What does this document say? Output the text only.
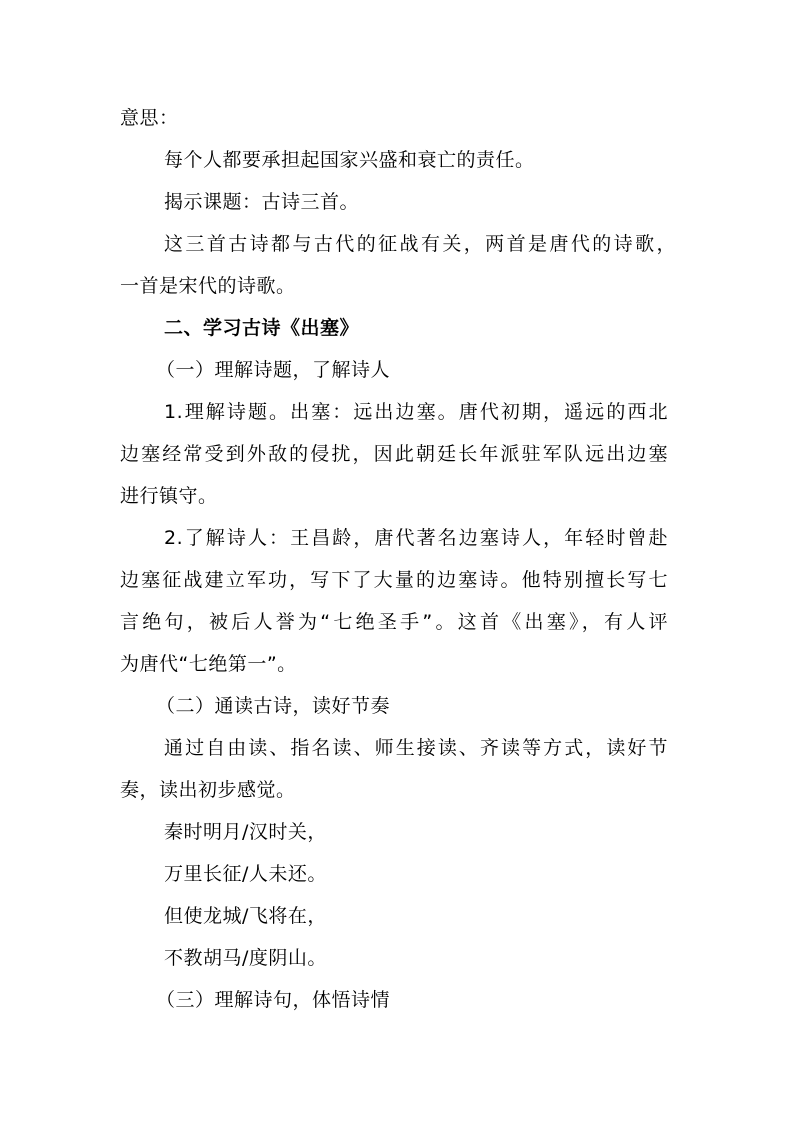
意思：
每个人都要承担起国家兴盛和衰亡的责任。
揭示课题：古诗三首。
这三首古诗都与古代的征战有关，两首是唐代的诗歌，
一首是宋代的诗歌。
二、学习古诗《出塞》
（一）理解诗题，了解诗人
1.理解诗题。出塞：远出边塞。唐代初期，遥远的西北
边塞经常受到外敌的侵扰，因此朝廷长年派驻军队远出边塞
进行镇守。
2.了解诗人：王昌龄，唐代著名边塞诗人，年轻时曾赴
边塞征战建立军功，写下了大量的边塞诗。他特别擅长写七
言绝句，被后人誉为“七绝圣手”。这首《出塞》，有人评
为唐代“七绝第一”。
（二）通读古诗，读好节奏
通过自由读、指名读、师生接读、齐读等方式，读好节
奏，读出初步感觉。
秦时明月/汉时关，
万里长征/人未还。
但使龙城/飞将在，
不教胡马/度阴山。
（三）理解诗句，体悟诗情
